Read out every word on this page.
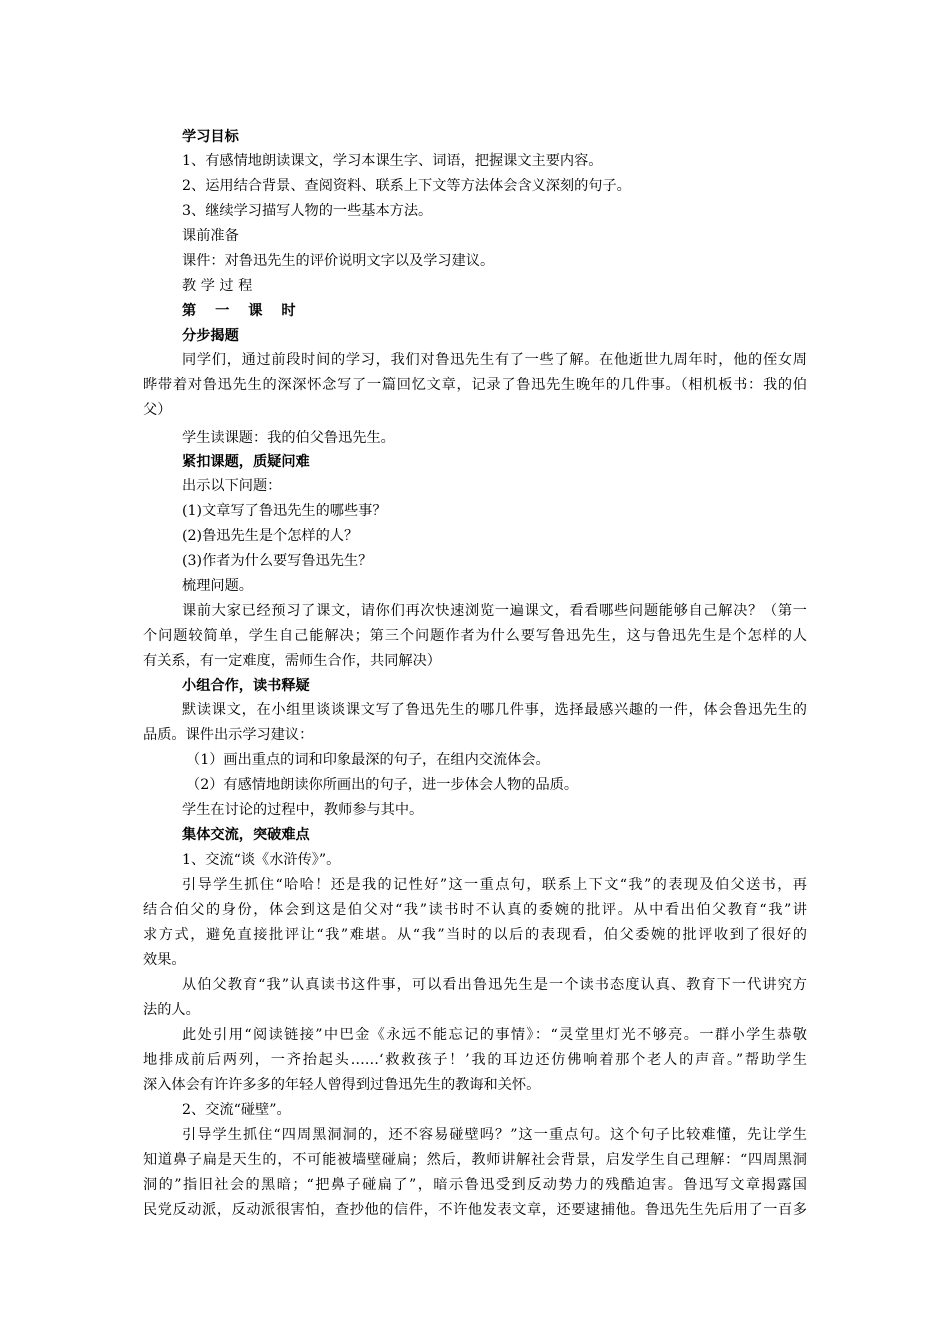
学习目标
1、有感情地朗读课文，学习本课生字、词语，把握课文主要内容。
2、运用结合背景、查阅资料、联系上下文等方法体会含义深刻的句子。
3、继续学习描写人物的一些基本方法。
课前准备
课件：对鲁迅先生的评价说明文字以及学习建议。
教 学 过 程
第 一 课 时
分步揭题
同学们，通过前段时间的学习，我们对鲁迅先生有了一些了解。在他逝世九周年时，他的侄女周
晔带着对鲁迅先生的深深怀念写了一篇回忆文章，记录了鲁迅先生晚年的几件事。（相机板书：我的伯
父）
学生读课题：我的伯父鲁迅先生。
紧扣课题，质疑问难
出示以下问题：
(1)文章写了鲁迅先生的哪些事？
(2)鲁迅先生是个怎样的人？
(3)作者为什么要写鲁迅先生？
梳理问题。
课前大家已经预习了课文，请你们再次快速浏览一遍课文，看看哪些问题能够自己解决？（第一
个问题较简单，学生自己能解决；第三个问题作者为什么要写鲁迅先生，这与鲁迅先生是个怎样的人
有关系，有一定难度，需师生合作，共同解决）
小组合作，读书释疑
默读课文，在小组里谈谈课文写了鲁迅先生的哪几件事，选择最感兴趣的一件，体会鲁迅先生的
品质。课件出示学习建议：
（1）画出重点的词和印象最深的句子，在组内交流体会。
（2）有感情地朗读你所画出的句子，进一步体会人物的品质。
学生在讨论的过程中，教师参与其中。
集体交流，突破难点
1、交流“谈《水浒传》”。
引导学生抓住“哈哈！还是我的记性好”这一重点句，联系上下文“我”的表现及伯父送书，再
结合伯父的身份，体会到这是伯父对“我”读书时不认真的委婉的批评。从中看出伯父教育“我”讲
求方式，避免直接批评让“我”难堪。从“我”当时的以后的表现看，伯父委婉的批评收到了很好的
效果。
从伯父教育“我”认真读书这件事，可以看出鲁迅先生是一个读书态度认真、教育下一代讲究方
法的人。
此处引用“阅读链接”中巴金《永远不能忘记的事情》：“灵堂里灯光不够亮。一群小学生恭敬
地排成前后两列，一齐抬起头……‘救救孩子！’我的耳边还仿佛响着那个老人的声音。”帮助学生
深入体会有许许多多的年轻人曾得到过鲁迅先生的教诲和关怀。
2、交流“碰壁”。
引导学生抓住“四周黑洞洞的，还不容易碰壁吗？”这一重点句。这个句子比较难懂，先让学生
知道鼻子扁是天生的，不可能被墙壁碰扁；然后，教师讲解社会背景，启发学生自己理解：“四周黑洞
洞的”指旧社会的黑暗；“把鼻子碰扁了”，暗示鲁迅受到反动势力的残酷迫害。鲁迅写文章揭露国
民党反动派，反动派很害怕，查抄他的信件，不许他发表文章，还要逮捕他。鲁迅先生先后用了一百多
